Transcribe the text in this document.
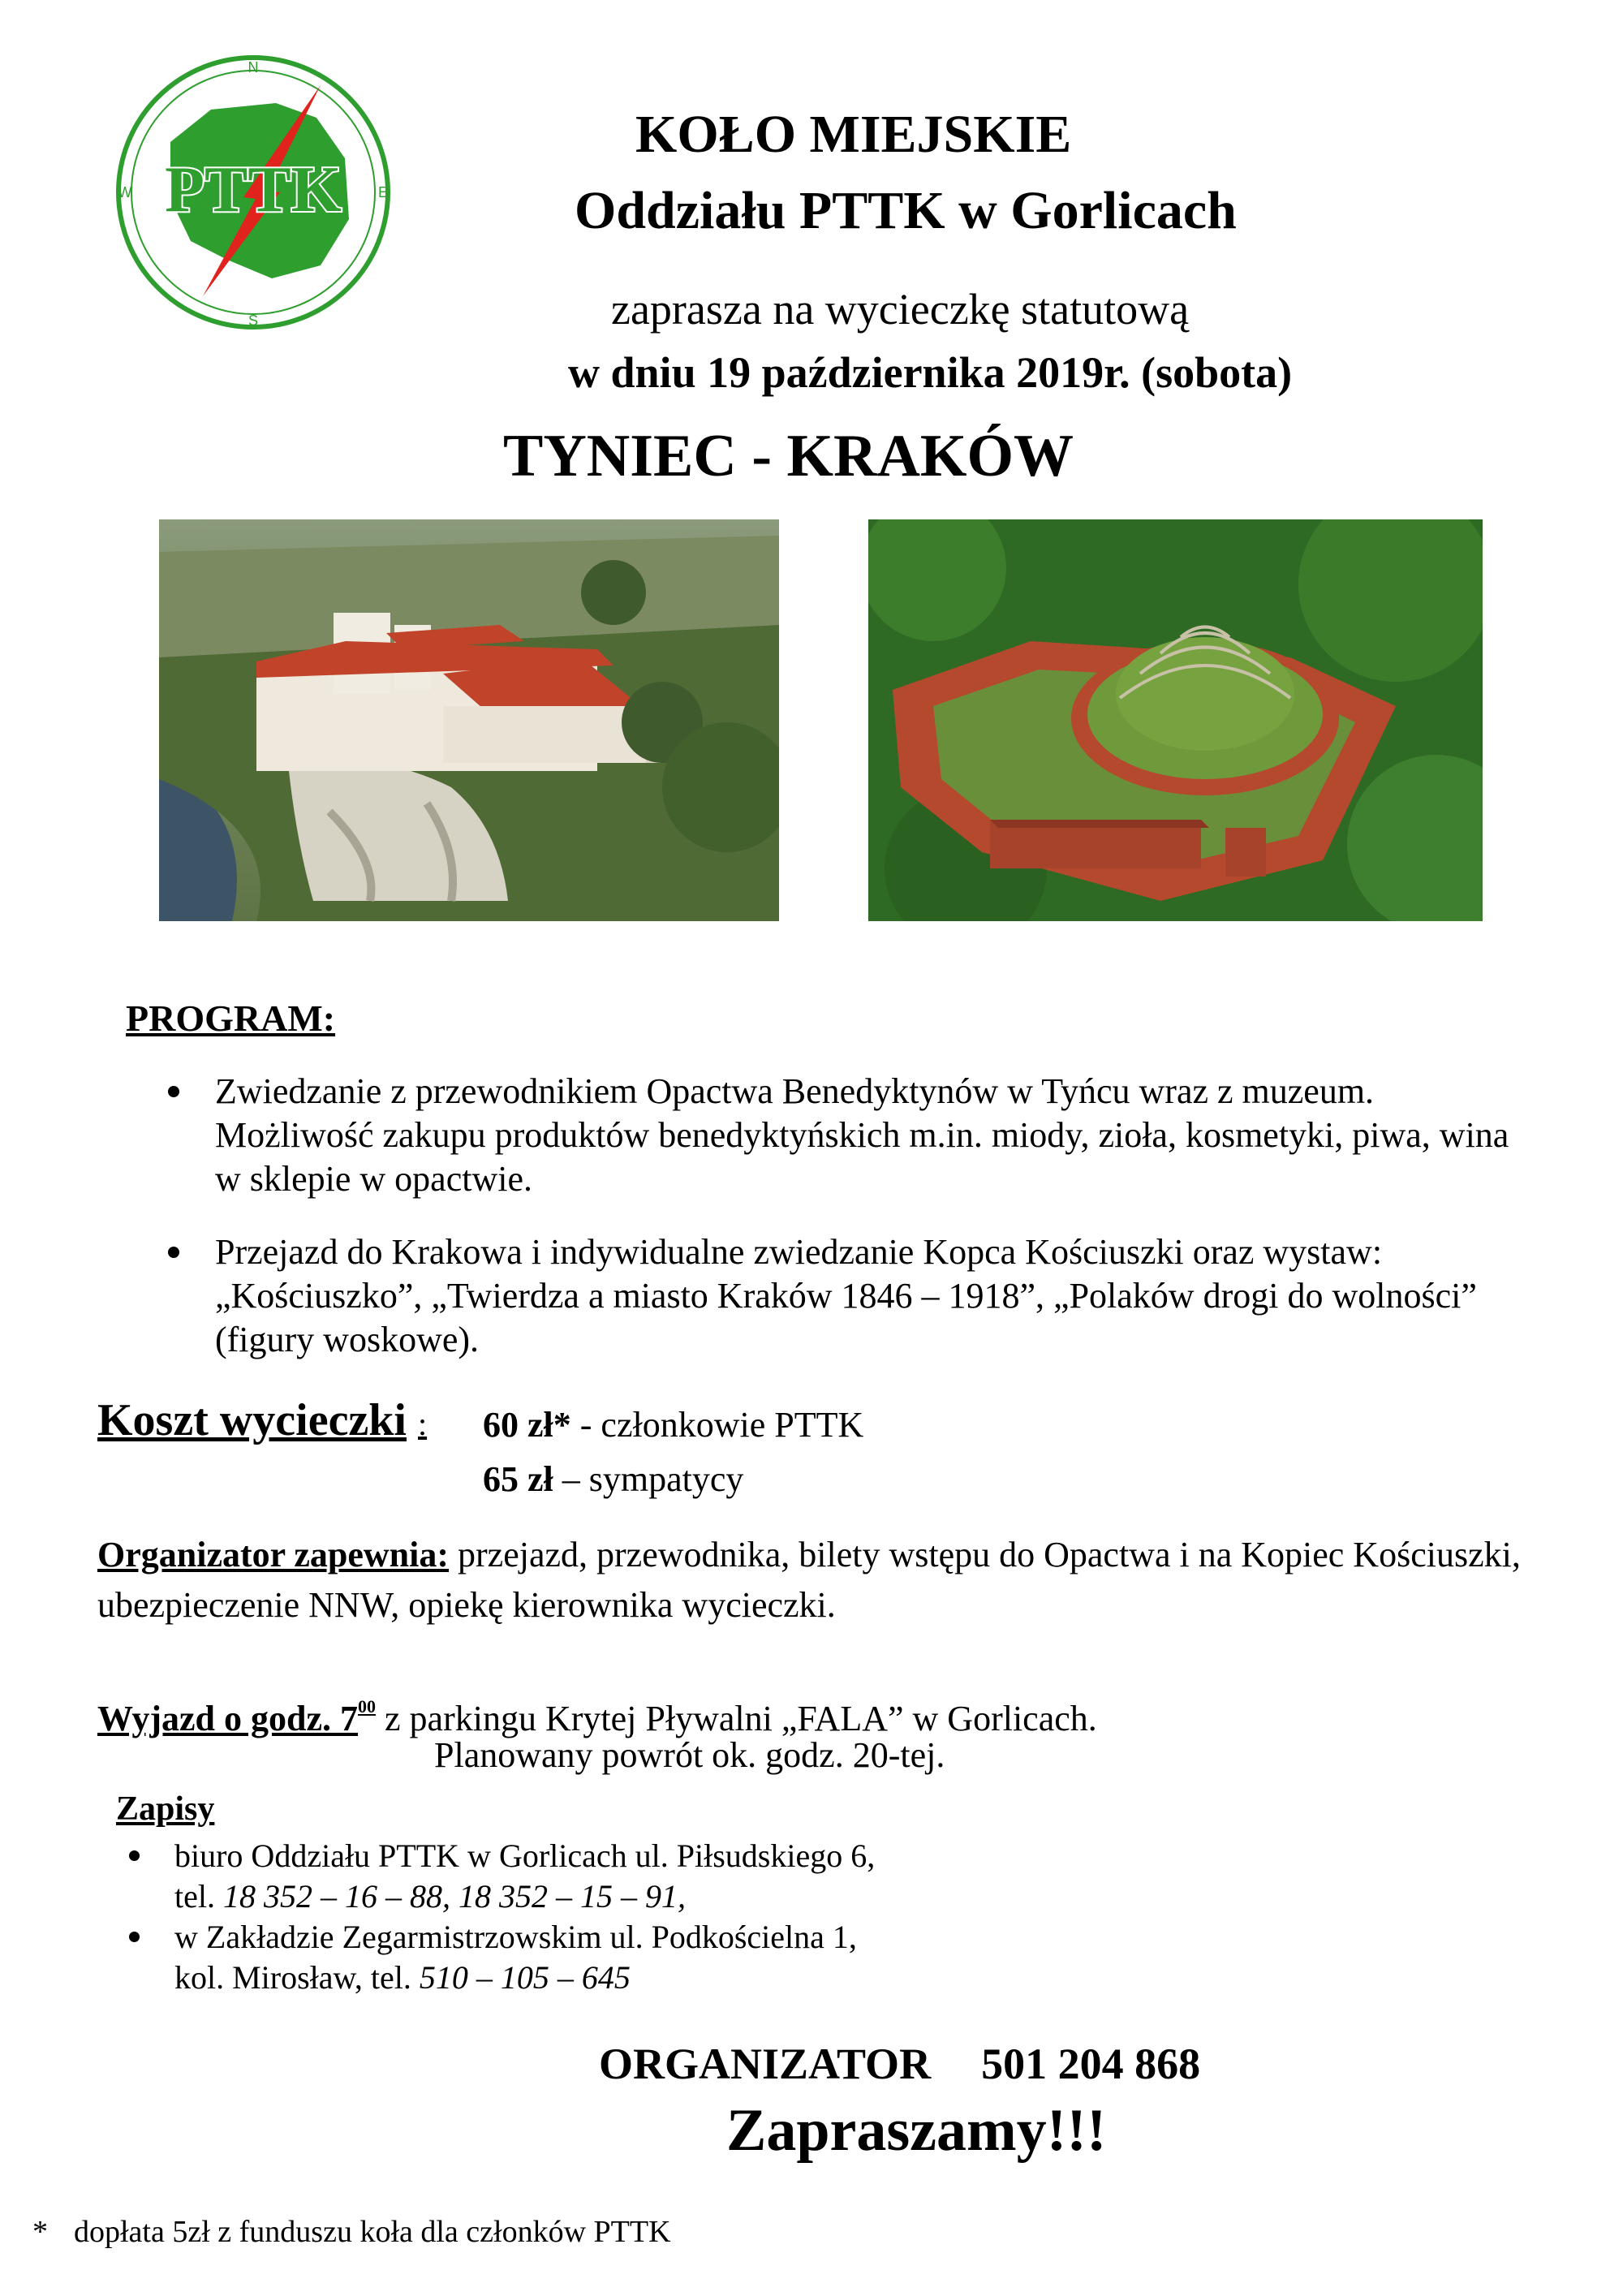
PTTK
N
E
S
W
KOŁO MIEJSKIE
Oddziału PTTK w Gorlicach
zaprasza na wycieczkę statutową
w dniu 19 października 2019r. (sobota)
TYNIEC - KRAKÓW
PROGRAM:
Zwiedzanie z przewodnikiem Opactwa Benedyktynów w Tyńcu wraz z muzeum. Możliwość zakupu produktów benedyktyńskich m.in. miody, zioła, kosmetyki, piwa, wina w sklepie w opactwie.
Przejazd do Krakowa i indywidualne zwiedzanie Kopca Kościuszki oraz wystaw: „Kościuszko”, „Twierdza a miasto Kraków 1846 – 1918”, „Polaków drogi do wolności” (figury woskowe).
Koszt wycieczki : 60 zł* - członkowie PTTK
65 zł – sympatycy
Organizator zapewnia: przejazd, przewodnika, bilety wstępu do Opactwa i na Kopiec Kościuszki, ubezpieczenie NNW, opiekę kierownika wycieczki.
Wyjazd o godz. $7^{00}$ z parkingu Krytej Pływalni „FALA” w Gorlicach.
Planowany powrót ok. godz. 20-tej.
Zapisy
biuro Oddziału PTTK w Gorlicach ul. Piłsudskiego 6,
tel. 18 352 – 16 – 88, 18 352 – 15 – 91,
w Zakładzie Zegarmistrzowskim ul. Podkościelna 1,
kol. Mirosław, tel. 510 – 105 – 645
ORGANIZATOR 501 204 868
Zapraszamy!!!
* dopłata 5zł z funduszu koła dla członków PTTK
